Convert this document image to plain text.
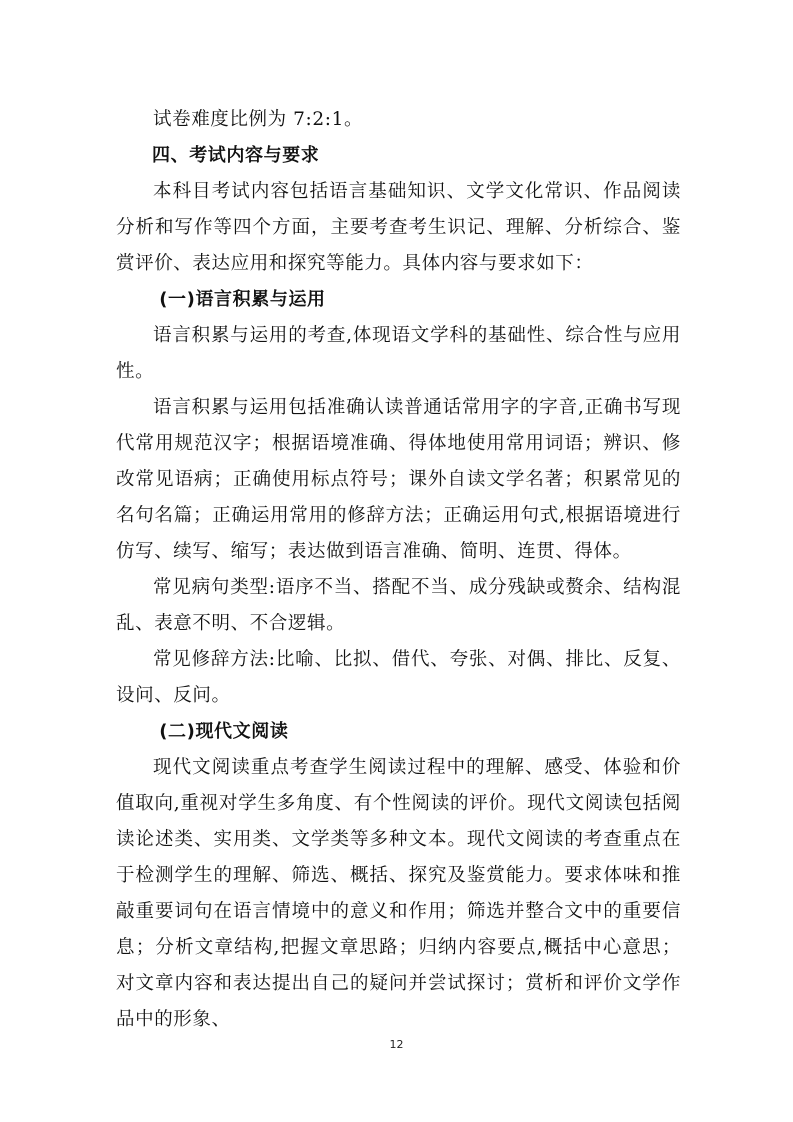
试卷难度比例为 7:2:1。

四、考试内容与要求

本科目考试内容包括语言基础知识、文学文化常识、作品阅读分析和写作等四个方面，主要考查考生识记、理解、分析综合、鉴赏评价、表达应用和探究等能力。具体内容与要求如下：

(一)语言积累与运用

语言积累与运用的考查,体现语文学科的基础性、综合性与应用性。

语言积累与运用包括准确认读普通话常用字的字音,正确书写现代常用规范汉字；根据语境准确、得体地使用常用词语；辨识、修改常见语病；正确使用标点符号；课外自读文学名著；积累常见的名句名篇；正确运用常用的修辞方法；正确运用句式,根据语境进行仿写、续写、缩写；表达做到语言准确、简明、连贯、得体。

常见病句类型:语序不当、搭配不当、成分残缺或赘余、结构混乱、表意不明、不合逻辑。

常见修辞方法:比喻、比拟、借代、夸张、对偶、排比、反复、设问、反问。

(二)现代文阅读

现代文阅读重点考查学生阅读过程中的理解、感受、体验和价值取向,重视对学生多角度、有个性阅读的评价。现代文阅读包括阅读论述类、实用类、文学类等多种文本。现代文阅读的考查重点在于检测学生的理解、筛选、概括、探究及鉴赏能力。要求体味和推敲重要词句在语言情境中的意义和作用；筛选并整合文中的重要信息；分析文章结构,把握文章思路；归纳内容要点,概括中心意思；对文章内容和表达提出自己的疑问并尝试探讨；赏析和评价文学作品中的形象、

12
